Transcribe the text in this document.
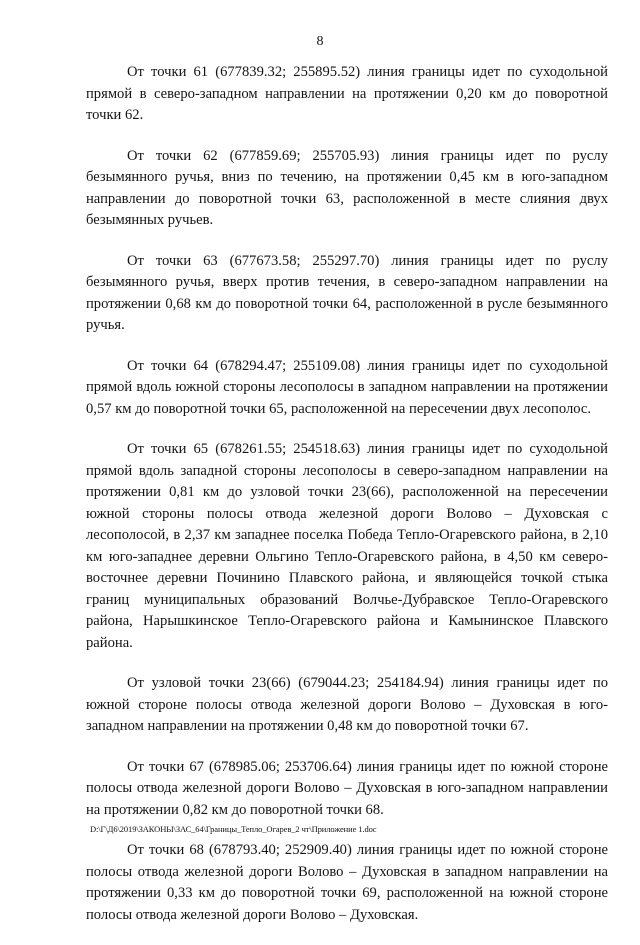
8

От точки 61 (677839.32; 255895.52) линия границы идет по суходольной прямой в северо-западном направлении на протяжении 0,20 км до поворотной точки 62.

От точки 62 (677859.69; 255705.93) линия границы идет по руслу безымянного ручья, вниз по течению, на протяжении 0,45 км в юго-западном направлении до поворотной точки 63, расположенной в месте слияния двух безымянных ручьев.

От точки 63 (677673.58; 255297.70) линия границы идет по руслу безымянного ручья, вверх против течения, в северо-западном направлении на протяжении 0,68 км до поворотной точки 64, расположенной в русле безымянного ручья.

От точки 64 (678294.47; 255109.08) линия границы идет по суходольной прямой вдоль южной стороны лесополосы в западном направлении на протяжении 0,57 км до поворотной точки 65, расположенной на пересечении двух лесополос.

От точки 65 (678261.55; 254518.63) линия границы идет по суходольной прямой вдоль западной стороны лесополосы в северо-западном направлении на протяжении 0,81 км до узловой точки 23(66), расположенной на пересечении южной стороны полосы отвода железной дороги Волово – Духовская с лесополосой, в 2,37 км западнее поселка Победа Тепло-Огаревского района, в 2,10 км юго-западнее деревни Ольгино Тепло-Огаревского района, в 4,50 км северо-восточнее деревни Починино Плавского района, и являющейся точкой стыка границ муниципальных образований Волчье-Дубравское Тепло-Огаревского района, Нарышкинское Тепло-Огаревского района и Камынинское Плавского района.

От узловой точки 23(66) (679044.23; 254184.94) линия границы идет по южной стороне полосы отвода железной дороги Волово – Духовская в юго-западном направлении на протяжении 0,48 км до поворотной точки 67.

От точки 67 (678985.06; 253706.64) линия границы идет по южной стороне полосы отвода железной дороги Волово – Духовская в юго-западном направлении на протяжении 0,82 км до поворотной точки 68.

От точки 68 (678793.40; 252909.40) линия границы идет по южной стороне полосы отвода железной дороги Волово – Духовская в западном направлении на протяжении 0,33 км до поворотной точки 69, расположенной на южной стороне полосы отвода железной дороги Волово – Духовская.

D:\Г\Д6\2019\ЗАКОНЫ\ЗАС_64\Границы_Тепло_Огарев_2 чт\Приложение 1.doc
